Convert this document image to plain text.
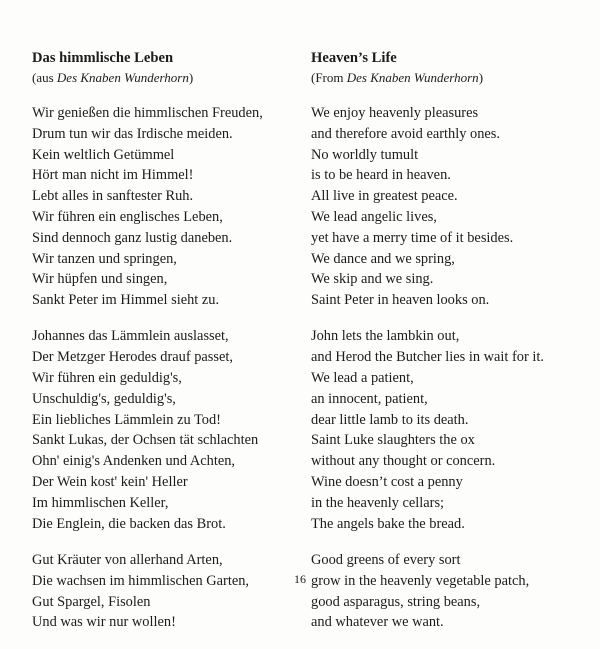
Das himmlische Leben
(aus Des Knaben Wunderhorn)
Wir genießen die himmlischen Freuden,
Drum tun wir das Irdische meiden.
Kein weltlich Getümmel
Hört man nicht im Himmel!
Lebt alles in sanftester Ruh.
Wir führen ein englisches Leben,
Sind dennoch ganz lustig daneben.
Wir tanzen und springen,
Wir hüpfen und singen,
Sankt Peter im Himmel sieht zu.
Johannes das Lämmlein auslasset,
Der Metzger Herodes drauf passet,
Wir führen ein geduldig's,
Unschuldig's, geduldig's,
Ein liebliches Lämmlein zu Tod!
Sankt Lukas, der Ochsen tät schlachten
Ohn' einig's Andenken und Achten,
Der Wein kost' kein' Heller
Im himmlischen Keller,
Die Englein, die backen das Brot.
Gut Kräuter von allerhand Arten,
Die wachsen im himmlischen Garten,
Gut Spargel, Fisolen
Und was wir nur wollen!
Heaven’s Life
(From Des Knaben Wunderhorn)
We enjoy heavenly pleasures
and therefore avoid earthly ones.
No worldly tumult
is to be heard in heaven.
All live in greatest peace.
We lead angelic lives,
yet have a merry time of it besides.
We dance and we spring,
We skip and we sing.
Saint Peter in heaven looks on.
John lets the lambkin out,
and Herod the Butcher lies in wait for it.
We lead a patient,
an innocent, patient,
dear little lamb to its death.
Saint Luke slaughters the ox
without any thought or concern.
Wine doesn’t cost a penny
in the heavenly cellars;
The angels bake the bread.
Good greens of every sort
grow in the heavenly vegetable patch,
good asparagus, string beans,
and whatever we want.
16
